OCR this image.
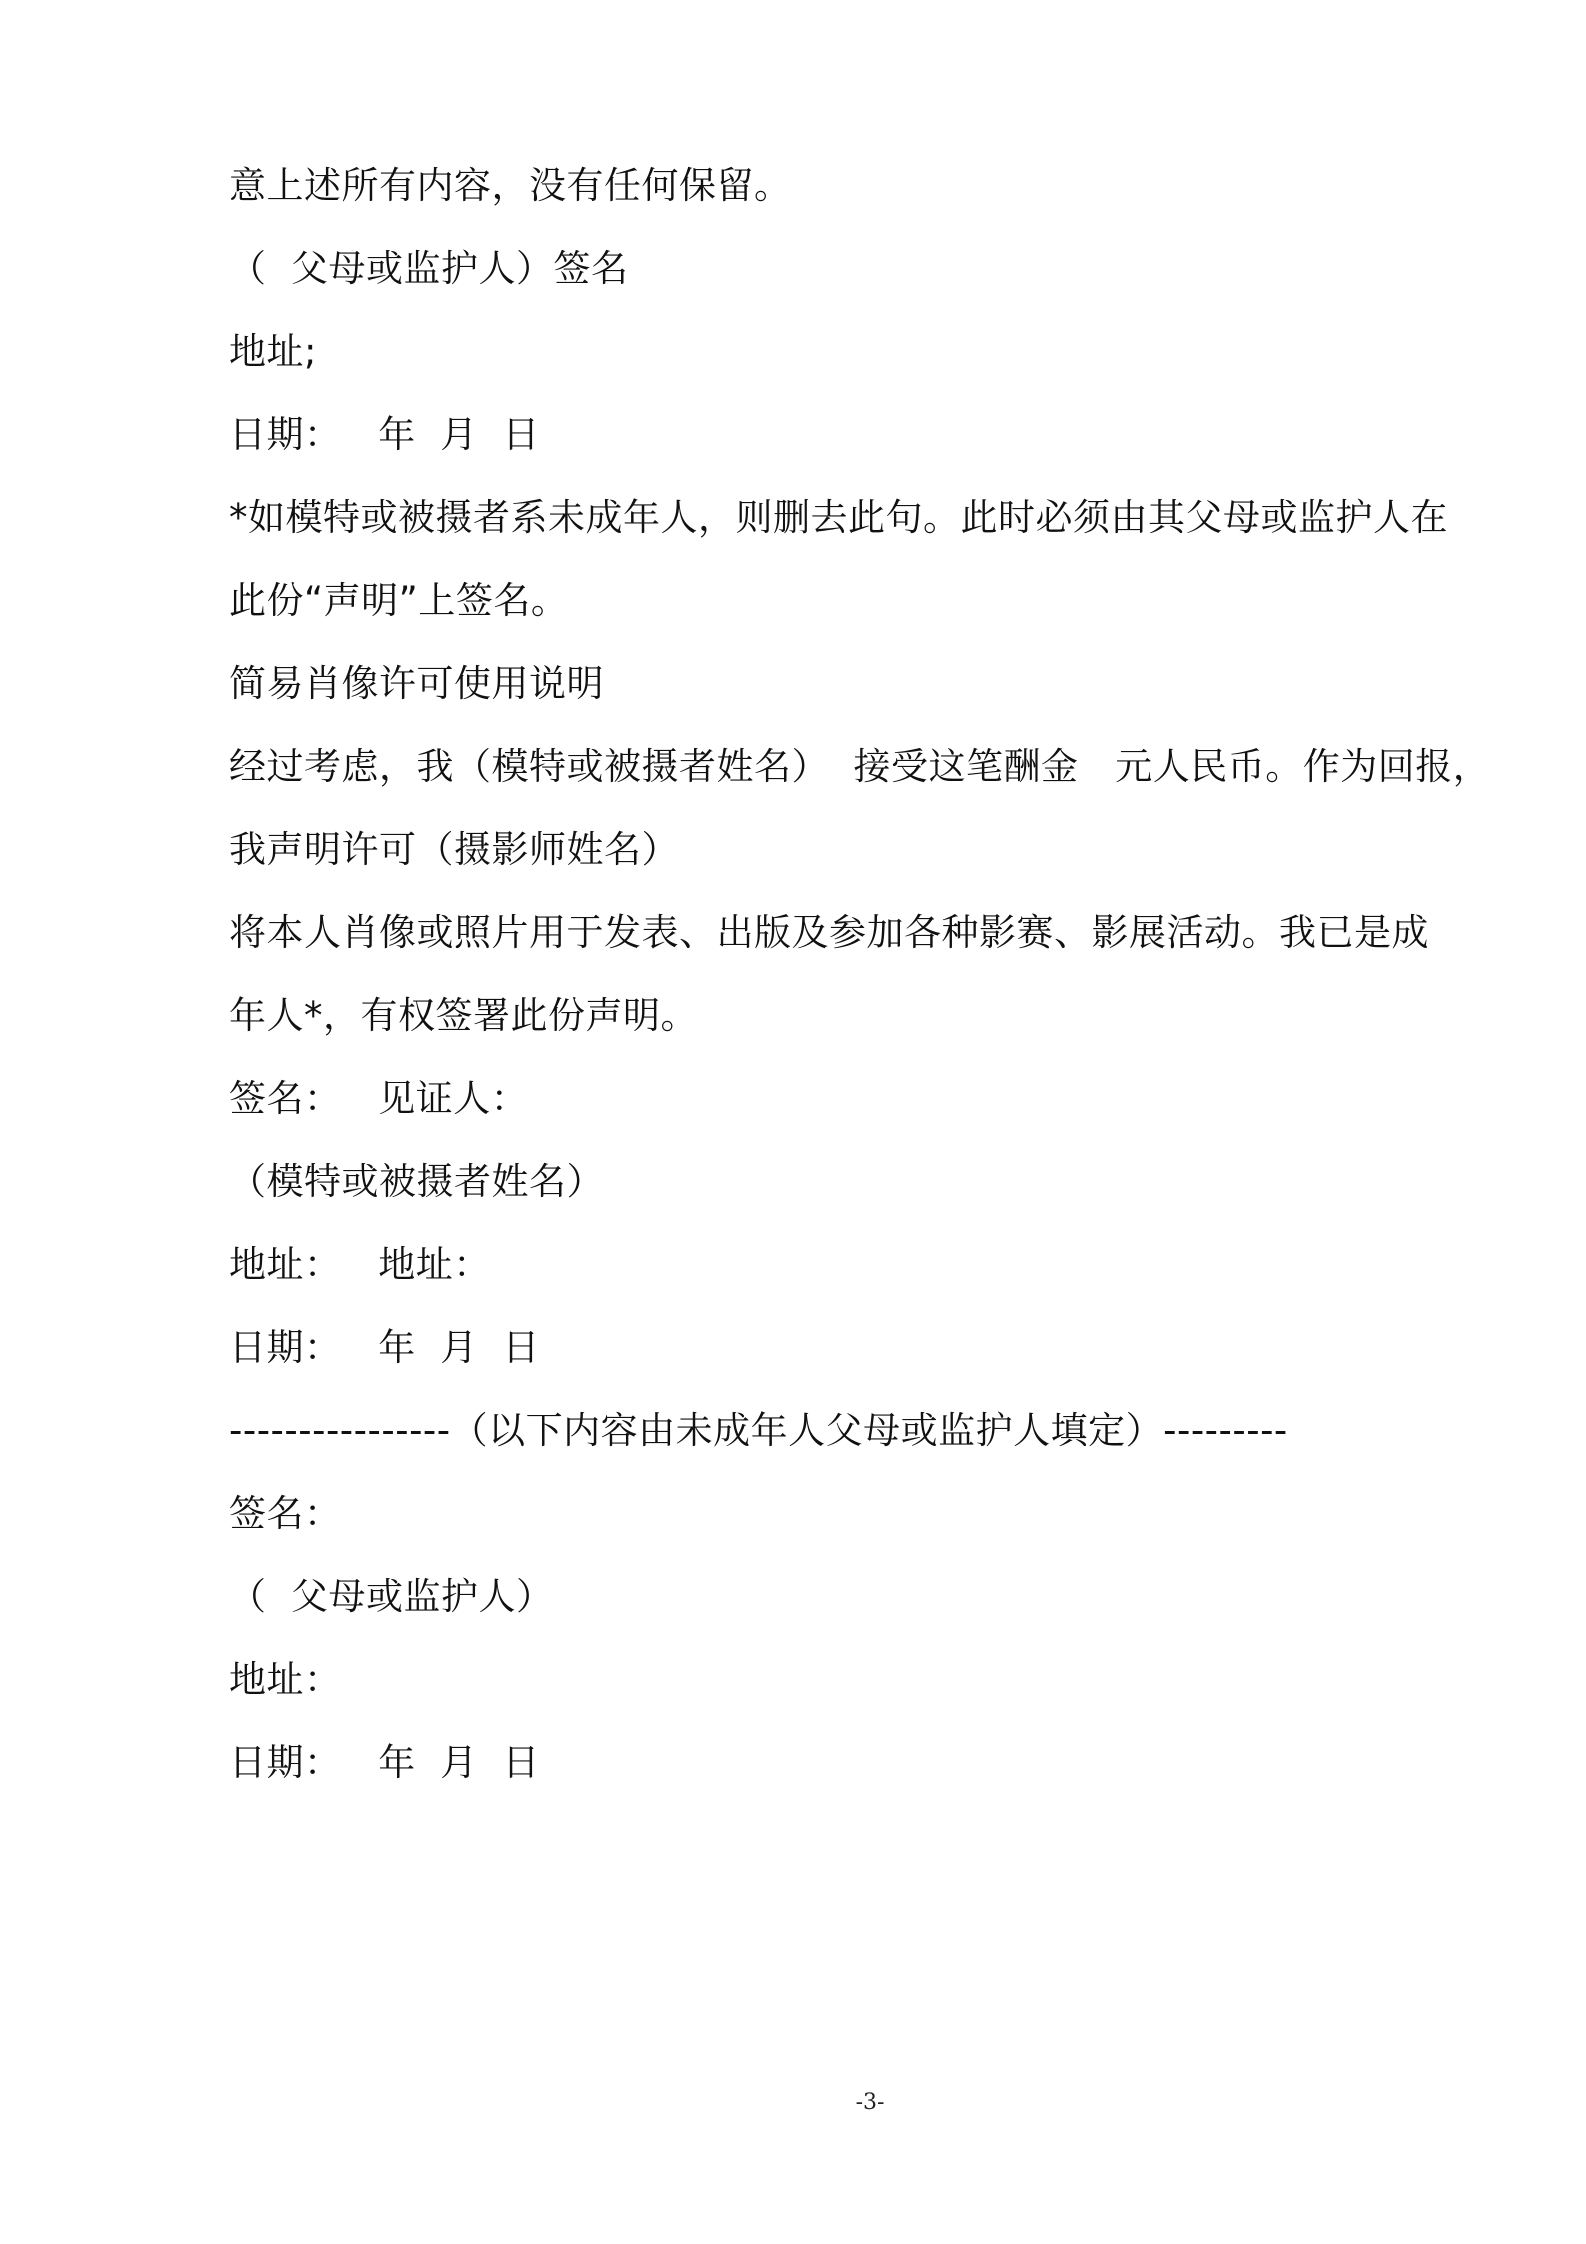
意上述所有内容，没有任何保留。
（  父母或监护人）签名
地址;
日期：   年  月  日
*如模特或被摄者系未成年人，则删去此句。此时必须由其父母或监护人在
此份“声明”上签名。
简易肖像许可使用说明
经过考虑，我（模特或被摄者姓名）  接受这笔酬金   元人民币。作为回报，
我声明许可（摄影师姓名）
将本人肖像或照片用于发表、出版及参加各种影赛、影展活动。我已是成
年人*，有权签署此份声明。
签名：   见证人：
（模特或被摄者姓名）
地址：   地址：
日期：   年  月  日
----------------（以下内容由未成年人父母或监护人填定）---------
签名：
（  父母或监护人）
地址：
日期：   年  月  日
-3-
